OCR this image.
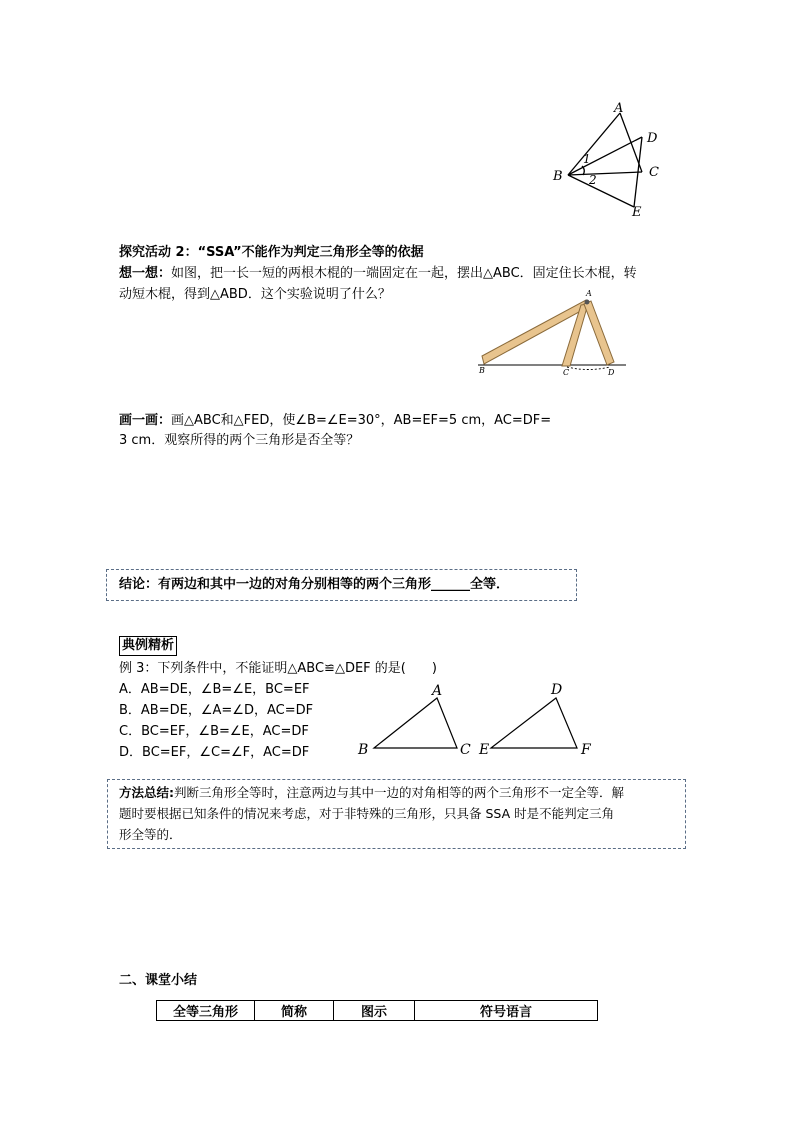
A
B	C
D
E
1
2
探究活动 2：“SSA”不能作为判定三角形全等的依据
想一想：如图，把一长一短的两根木棍的一端固定在一起，摆出△ABC．固定住长木棍，转
动短木棍，得到△ABD．这个实验说明了什么？	A
B	C	D
画一画：画△ABC和△FED，使∠B=∠E=30°，AB=EF=5 cm，AC=DF=
3 cm．观察所得的两个三角形是否全等？
结论：有两边和其中一边的对角分别相等的两个三角形______全等．
典例精析
例 3：下列条件中，不能证明△ABC≌△DEF 的是(　　)
A．AB=DE，∠B=∠E，BC=EF
B．AB=DE，∠A=∠D，AC=DF
C．BC=EF，∠B=∠E，AC=DF
D．BC=EF，∠C=∠F，AC=DF
A
B	C
D
E	F
方法总结:判断三角形全等时，注意两边与其中一边的对角相等的两个三角形不一定全等．解
题时要根据已知条件的情况来考虑，对于非特殊的三角形，只具备 SSA 时是不能判定三角
形全等的．
二、课堂小结
全等三角形	简称	图示	符号语言
